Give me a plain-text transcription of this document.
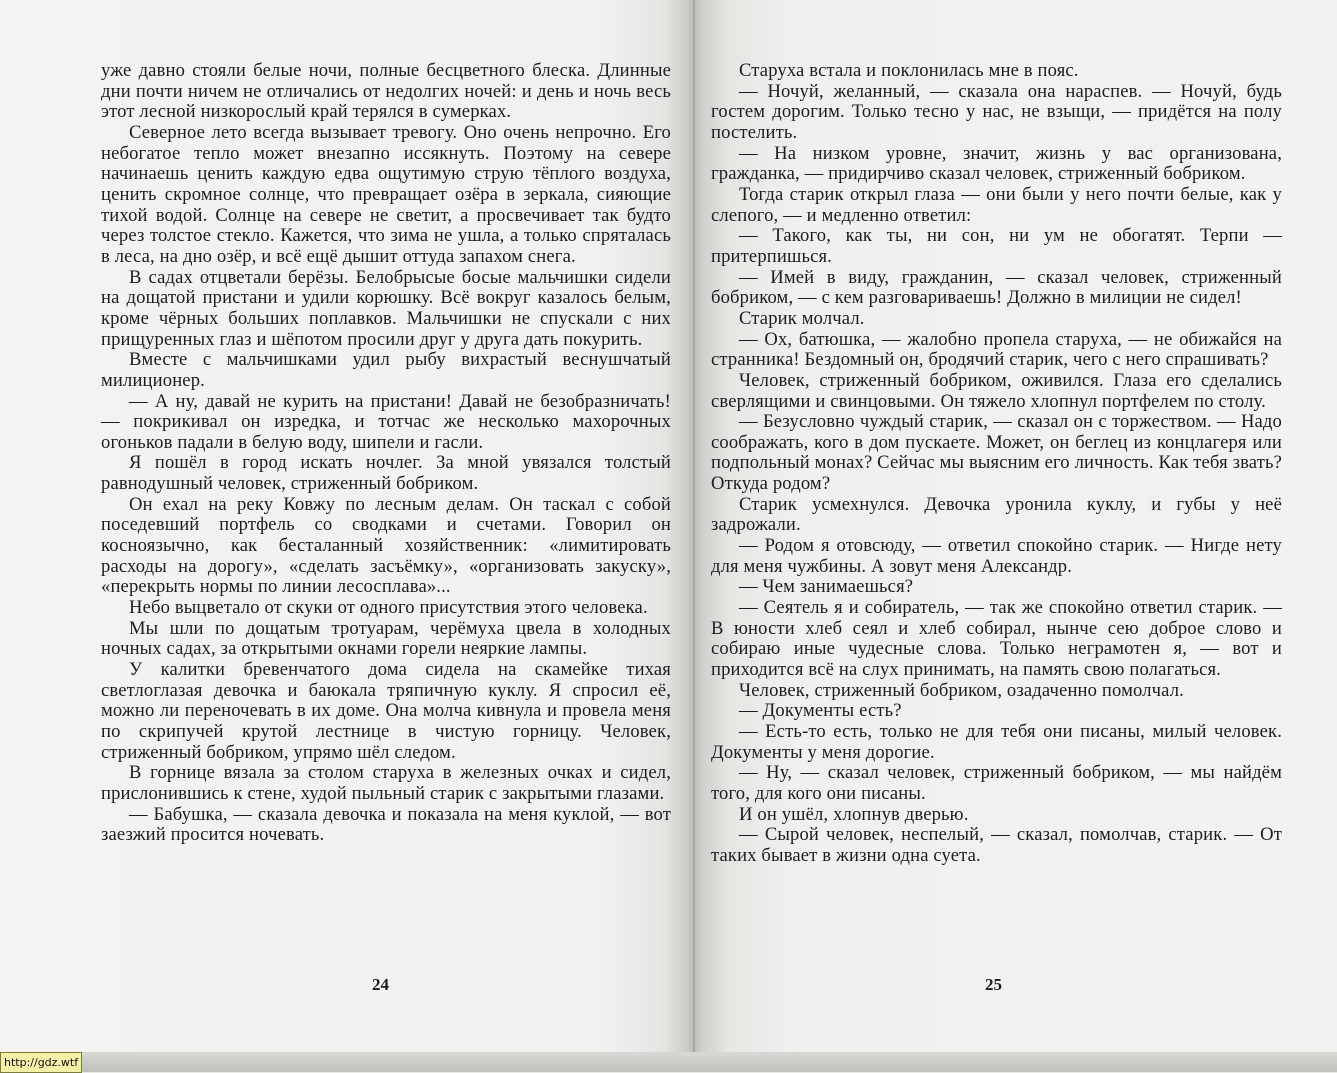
уже давно стояли белые ночи, полные бесцветного блеска. Длинные дни почти ничем не отличались от недолгих ночей: и день и ночь весь этот лесной низкорослый край терялся в сумерках.

Северное лето всегда вызывает тревогу. Оно очень непрочно. Его небогатое тепло может внезапно иссякнуть. Поэтому на севере начинаешь ценить каждую едва ощутимую струю тёплого воздуха, ценить скромное солнце, что превращает озёра в зеркала, сияющие тихой водой. Солнце на севере не светит, а просвечивает так будто через толстое стекло. Кажется, что зима не ушла, а только спряталась в леса, на дно озёр, и всё ещё дышит оттуда запахом снега.

В садах отцветали берёзы. Белобрысые босые мальчишки сидели на дощатой пристани и удили корюшку. Всё вокруг казалось белым, кроме чёрных больших поплавков. Мальчишки не спускали с них прищуренных глаз и шёпотом просили друг у друга дать покурить.

Вместе с мальчишками удил рыбу вихрастый веснушчатый милиционер.

— А ну, давай не курить на пристани! Давай не безобразничать! — покрикивал он изредка, и тотчас же несколько махорочных огоньков падали в белую воду, шипели и гасли.

Я пошёл в город искать ночлег. За мной увязался толстый равнодушный человек, стриженный бобриком.

Он ехал на реку Ковжу по лесным делам. Он таскал с собой поседевший портфель со сводками и счетами. Говорил он косноязычно, как бесталанный хозяйственник: «лимитировать расходы на дорогу», «сделать засъёмку», «организовать закуску», «перекрыть нормы по линии лесосплава»...

Небо выцветало от скуки от одного присутствия этого человека.

Мы шли по дощатым тротуарам, черёмуха цвела в холодных ночных садах, за открытыми окнами горели неяркие лампы.

У калитки бревенчатого дома сидела на скамейке тихая светлоглазая девочка и баюкала тряпичную куклу. Я спросил её, можно ли переночевать в их доме. Она молча кивнула и провела меня по скрипучей крутой лестнице в чистую горницу. Человек, стриженный бобриком, упрямо шёл следом.

В горнице вязала за столом старуха в железных очках и сидел, прислонившись к стене, худой пыльный старик с закрытыми глазами.

— Бабушка, — сказала девочка и показала на меня куклой, — вот заезжий просится ночевать.

24

Старуха встала и поклонилась мне в пояс.

— Ночуй, желанный, — сказала она нараспев. — Ночуй, будь гостем дорогим. Только тесно у нас, не взыщи, — придётся на полу постелить.

— На низком уровне, значит, жизнь у вас организована, гражданка, — придирчиво сказал человек, стриженный бобриком.

Тогда старик открыл глаза — они были у него почти белые, как у слепого, — и медленно ответил:

— Такого, как ты, ни сон, ни ум не обогатят. Терпи — притерпишься.

— Имей в виду, гражданин, — сказал человек, стриженный бобриком, — с кем разговариваешь! Должно в милиции не сидел!

Старик молчал.

— Ох, батюшка, — жалобно пропела старуха, — не обижайся на странника! Бездомный он, бродячий старик, чего с него спрашивать?

Человек, стриженный бобриком, оживился. Глаза его сделались сверлящими и свинцовыми. Он тяжело хлопнул портфелем по столу.

— Безусловно чуждый старик, — сказал он с торжеством. — Надо соображать, кого в дом пускаете. Может, он беглец из концлагеря или подпольный монах? Сейчас мы выясним его личность. Как тебя звать? Откуда родом?

Старик усмехнулся. Девочка уронила куклу, и губы у неё задрожали.

— Родом я отовсюду, — ответил спокойно старик. — Нигде нету для меня чужбины. А зовут меня Александр.

— Чем занимаешься?

— Сеятель я и собиратель, — так же спокойно ответил старик. — В юности хлеб сеял и хлеб собирал, нынче сею доброе слово и собираю иные чудесные слова. Только неграмотен я, — вот и приходится всё на слух принимать, на память свою полагаться.

Человек, стриженный бобриком, озадаченно помолчал.

— Документы есть?

— Есть-то есть, только не для тебя они писаны, милый человек. Документы у меня дорогие.

— Ну, — сказал человек, стриженный бобриком, — мы найдём того, для кого они писаны.

И он ушёл, хлопнув дверью.

— Сырой человек, неспелый, — сказал, помолчав, старик. — От таких бывает в жизни одна суета.

25
http://gdz.wtf
